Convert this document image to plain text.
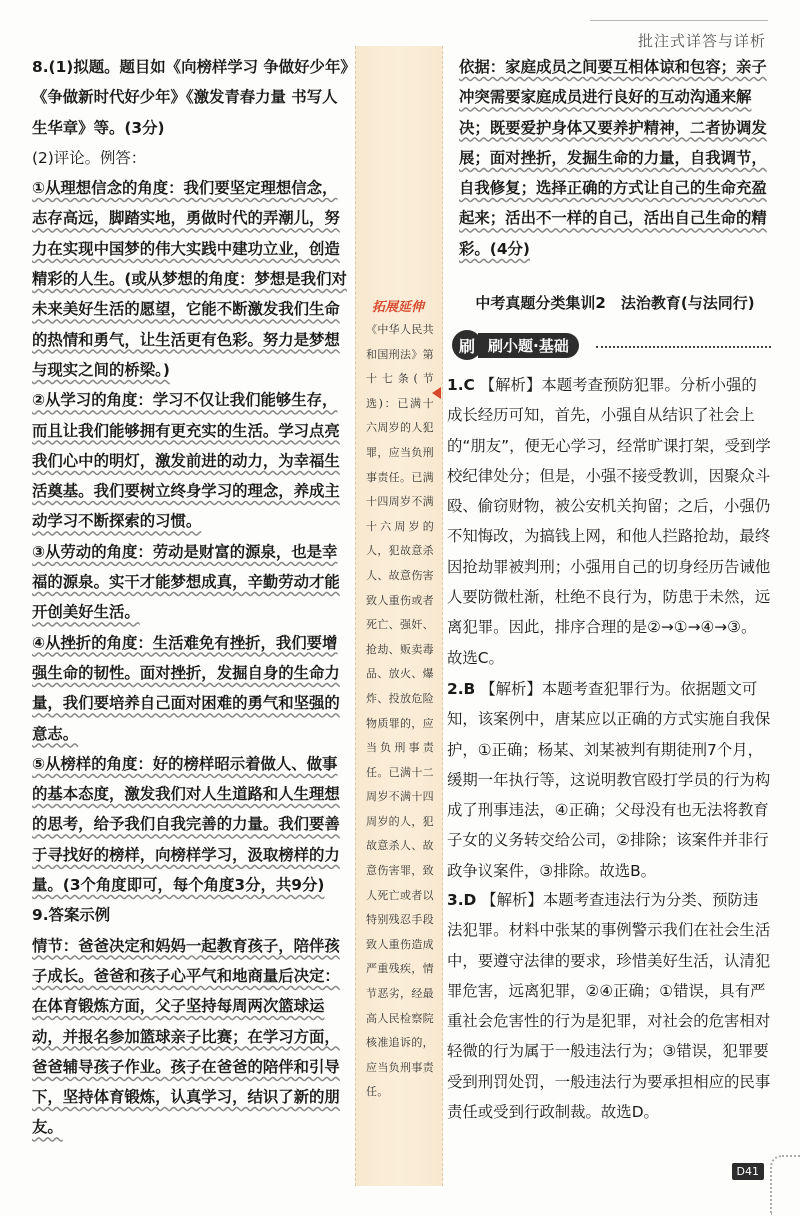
批注式详答与详析

8.(1)拟题。题目如《向榜样学习 争做好少年》《争做新时代好少年》《激发青春力量 书写人生华章》等。(3分)

(2)评论。例答：

①从理想信念的角度：我们要坚定理想信念，志存高远，脚踏实地，勇做时代的弄潮儿，努力在实现中国梦的伟大实践中建功立业，创造精彩的人生。(或从梦想的角度：梦想是我们对未来美好生活的愿望，它能不断激发我们生命的热情和勇气，让生活更有色彩。努力是梦想与现实之间的桥梁。)

②从学习的角度：学习不仅让我们能够生存，而且让我们能够拥有更充实的生活。学习点亮我们心中的明灯，激发前进的动力，为幸福生活奠基。我们要树立终身学习的理念，养成主动学习不断探索的习惯。

③从劳动的角度：劳动是财富的源泉，也是幸福的源泉。实干才能梦想成真，辛勤劳动才能开创美好生活。

④从挫折的角度：生活难免有挫折，我们要增强生命的韧性。面对挫折，发掘自身的生命力量，我们要培养自己面对困难的勇气和坚强的意志。

⑤从榜样的角度：好的榜样昭示着做人、做事的基本态度，激发我们对人生道路和人生理想的思考，给予我们自我完善的力量。我们要善于寻找好的榜样，向榜样学习，汲取榜样的力量。(3个角度即可，每个角度3分，共9分)

9.答案示例

情节：爸爸决定和妈妈一起教育孩子，陪伴孩子成长。爸爸和孩子心平气和地商量后决定：在体育锻炼方面，父子坚持每周两次篮球运动，并报名参加篮球亲子比赛；在学习方面，爸爸辅导孩子作业。孩子在爸爸的陪伴和引导下，坚持体育锻炼，认真学习，结识了新的朋友。

拓展延伸
《中华人民共和国刑法》第十七条(节选)：已满十六周岁的人犯罪，应当负刑事责任。已满十四周岁不满十六周岁的人，犯故意杀人、故意伤害致人重伤或者死亡、强奸、抢劫、贩卖毒品、放火、爆炸、投放危险物质罪的，应当负刑事责任。已满十二周岁不满十四周岁的人，犯故意杀人、故意伤害罪，致人死亡或者以特别残忍手段致人重伤造成严重残疾，情节恶劣，经最高人民检察院核准追诉的，应当负刑事责任。

依据：家庭成员之间要互相体谅和包容；亲子冲突需要家庭成员进行良好的互动沟通来解决；既要爱护身体又要养护精神，二者协调发展；面对挫折，发掘生命的力量，自我调节，自我修复；选择正确的方式让自己的生命充盈起来；活出不一样的自己，活出自己生命的精彩。(4分)

中考真题分类集训2　法治教育(与法同行)
刷 刷小题·基础

1.C 【解析】本题考查预防犯罪。分析小强的成长经历可知，首先，小强自从结识了社会上的“朋友”，便无心学习，经常旷课打架，受到学校纪律处分；但是，小强不接受教训，因聚众斗殴、偷窃财物，被公安机关拘留；之后，小强仍不知悔改，为搞钱上网，和他人拦路抢劫，最终因抢劫罪被判刑；小强用自己的切身经历告诫他人要防微杜渐，杜绝不良行为，防患于未然，远离犯罪。因此，排序合理的是②→①→④→③。故选C。

2.B 【解析】本题考查犯罪行为。依据题文可知，该案例中，唐某应以正确的方式实施自我保护，①正确；杨某、刘某被判有期徒刑7个月，缓期一年执行等，这说明教官殴打学员的行为构成了刑事违法，④正确；父母没有也无法将教育子女的义务转交给公司，②排除；该案件并非行政争议案件，③排除。故选B。

3.D 【解析】本题考查违法行为分类、预防违法犯罪。材料中张某的事例警示我们在社会生活中，要遵守法律的要求，珍惜美好生活，认清犯罪危害，远离犯罪，②④正确；①错误，具有严重社会危害性的行为是犯罪，对社会的危害相对轻微的行为属于一般违法行为；③错误，犯罪要受到刑罚处罚，一般违法行为要承担相应的民事责任或受到行政制裁。故选D。

D41
